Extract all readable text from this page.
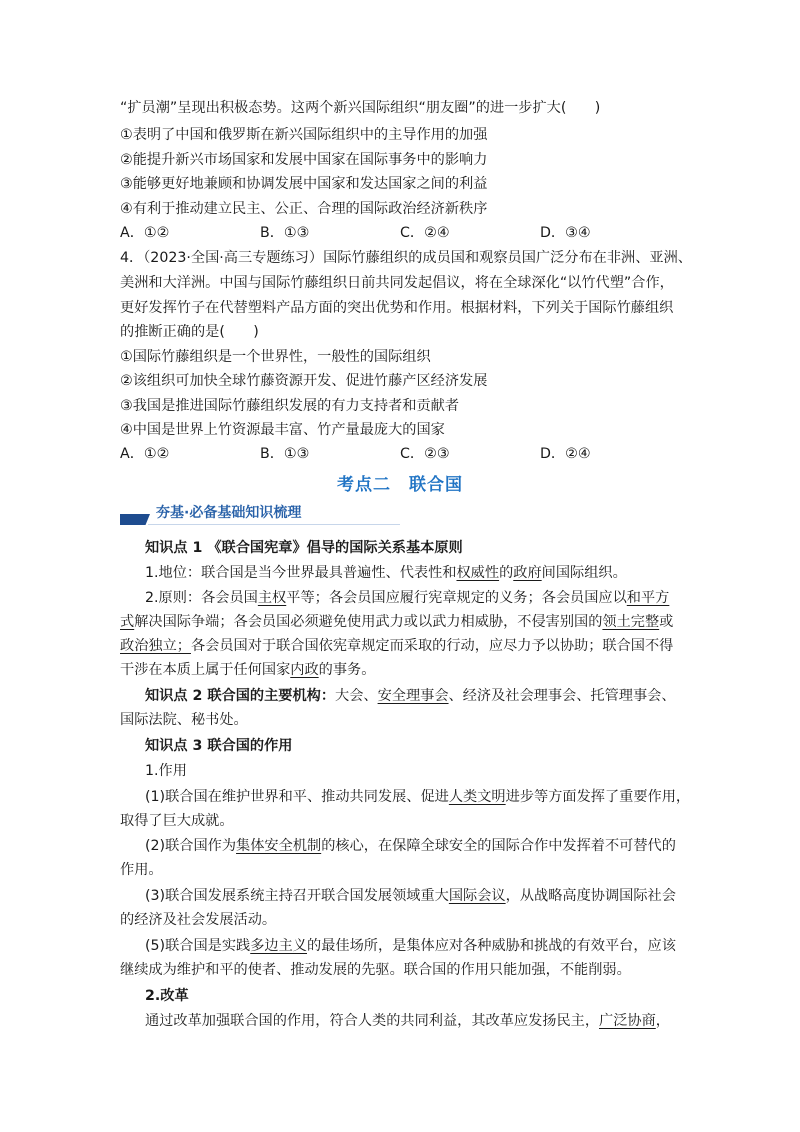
“扩员潮”呈现出积极态势。这两个新兴国际组织“朋友圈”的进一步扩大(　　)
①表明了中国和俄罗斯在新兴国际组织中的主导作用的加强
②能提升新兴市场国家和发展中国家在国际事务中的影响力
③能够更好地兼顾和协调发展中国家和发达国家之间的利益
④有利于推动建立民主、公正、合理的国际政治经济新秩序
A．①②	B．①③	C．②④	D．③④
4．（2023·全国·高三专题练习）国际竹藤组织的成员国和观察员国广泛分布在非洲、亚洲、
美洲和大洋洲。中国与国际竹藤组织日前共同发起倡议，将在全球深化“以竹代塑”合作，
更好发挥竹子在代替塑料产品方面的突出优势和作用。根据材料，下列关于国际竹藤组织
的推断正确的是(　　)
①国际竹藤组织是一个世界性，一般性的国际组织
②该组织可加快全球竹藤资源开发、促进竹藤产区经济发展
③我国是推进国际竹藤组织发展的有力支持者和贡献者
④中国是世界上竹资源最丰富、竹产量最庞大的国家
A．①②	B．①③	C．②③	D．②④
考点二　联合国
夯基·必备基础知识梳理
知识点 1 《联合国宪章》倡导的国际关系基本原则
1.地位：联合国是当今世界最具普遍性、代表性和权威性的政府间国际组织。
2.原则：各会员国主权平等；各会员国应履行宪章规定的义务；各会员国应以和平方
式解决国际争端；各会员国必须避免使用武力或以武力相威胁，不侵害别国的领土完整或
政治独立；各会员国对于联合国依宪章规定而采取的行动，应尽力予以协助；联合国不得
干涉在本质上属于任何国家内政的事务。
知识点 2 联合国的主要机构：大会、安全理事会、经济及社会理事会、托管理事会、
国际法院、秘书处。
知识点 3 联合国的作用
1.作用
(1)联合国在维护世界和平、推动共同发展、促进人类文明进步等方面发挥了重要作用，
取得了巨大成就。
(2)联合国作为集体安全机制的核心，在保障全球安全的国际合作中发挥着不可替代的
作用。
(3)联合国发展系统主持召开联合国发展领域重大国际会议，从战略高度协调国际社会
的经济及社会发展活动。
(5)联合国是实践多边主义的最佳场所，是集体应对各种威胁和挑战的有效平台，应该
继续成为维护和平的使者、推动发展的先驱。联合国的作用只能加强，不能削弱。
2.改革
通过改革加强联合国的作用，符合人类的共同利益，其改革应发扬民主，广泛协商，
